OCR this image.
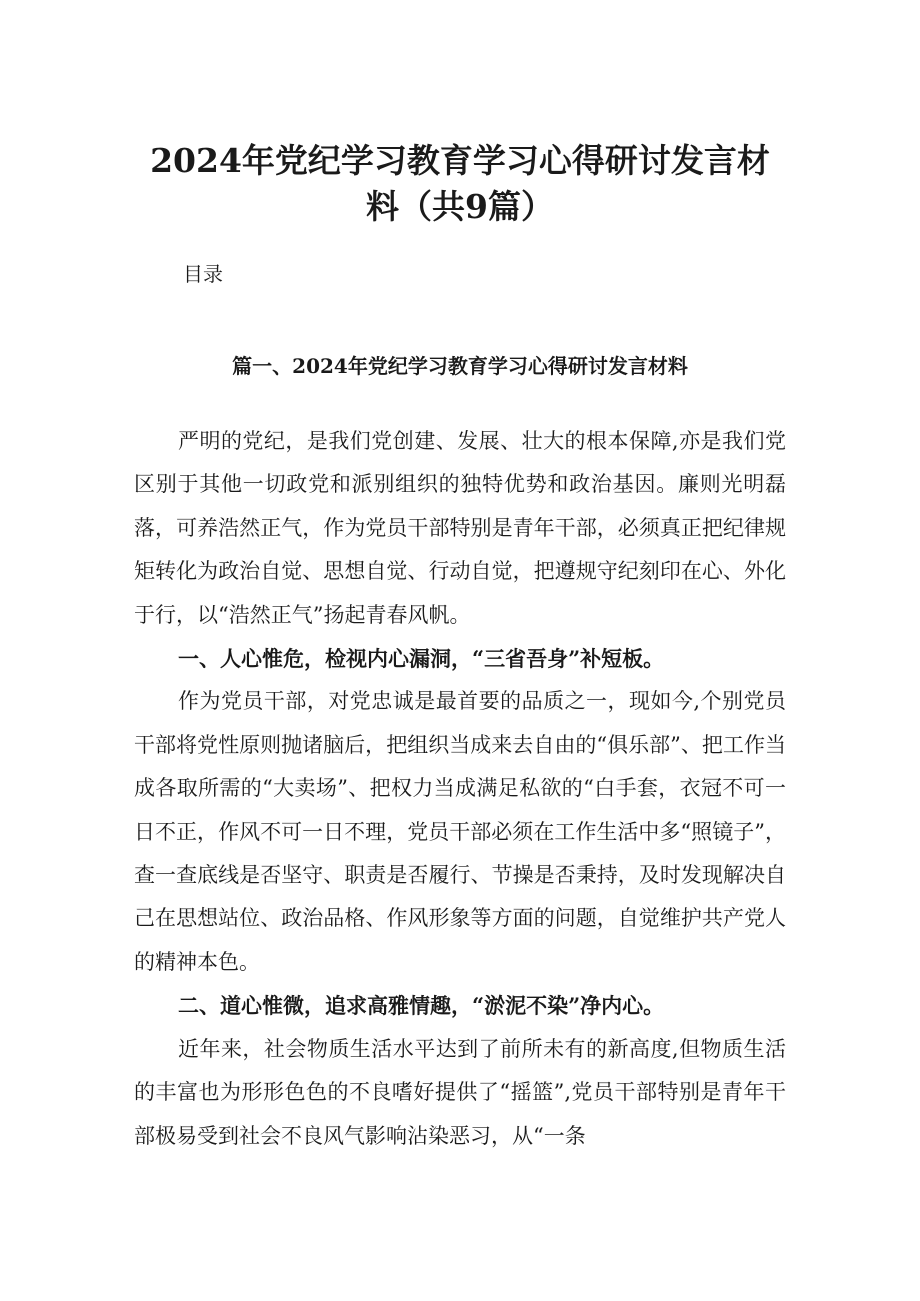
2024年党纪学习教育学习心得研讨发言材
料（共9篇）

目录

篇一、2024年党纪学习教育学习心得研讨发言材料

严明的党纪，是我们党创建、发展、壮大的根本保障,亦是我们党区别于其他一切政党和派别组织的独特优势和政治基因。廉则光明磊落，可养浩然正气，作为党员干部特别是青年干部，必须真正把纪律规矩转化为政治自觉、思想自觉、行动自觉，把遵规守纪刻印在心、外化于行，以“浩然正气”扬起青春风帆。

一、人心惟危，检视内心漏洞，“三省吾身”补短板。

作为党员干部，对党忠诚是最首要的品质之一，现如今,个别党员干部将党性原则抛诸脑后，把组织当成来去自由的“俱乐部”、把工作当成各取所需的“大卖场”、把权力当成满足私欲的“白手套，衣冠不可一日不正，作风不可一日不理，党员干部必须在工作生活中多“照镜子”，查一查底线是否坚守、职责是否履行、节操是否秉持，及时发现解决自己在思想站位、政治品格、作风形象等方面的问题，自觉维护共产党人的精神本色。

二、道心惟微，追求高雅情趣，“淤泥不染”净内心。

近年来，社会物质生活水平达到了前所未有的新高度,但物质生活的丰富也为形形色色的不良嗜好提供了“摇篮”,党员干部特别是青年干部极易受到社会不良风气影响沾染恶习，从“一条
